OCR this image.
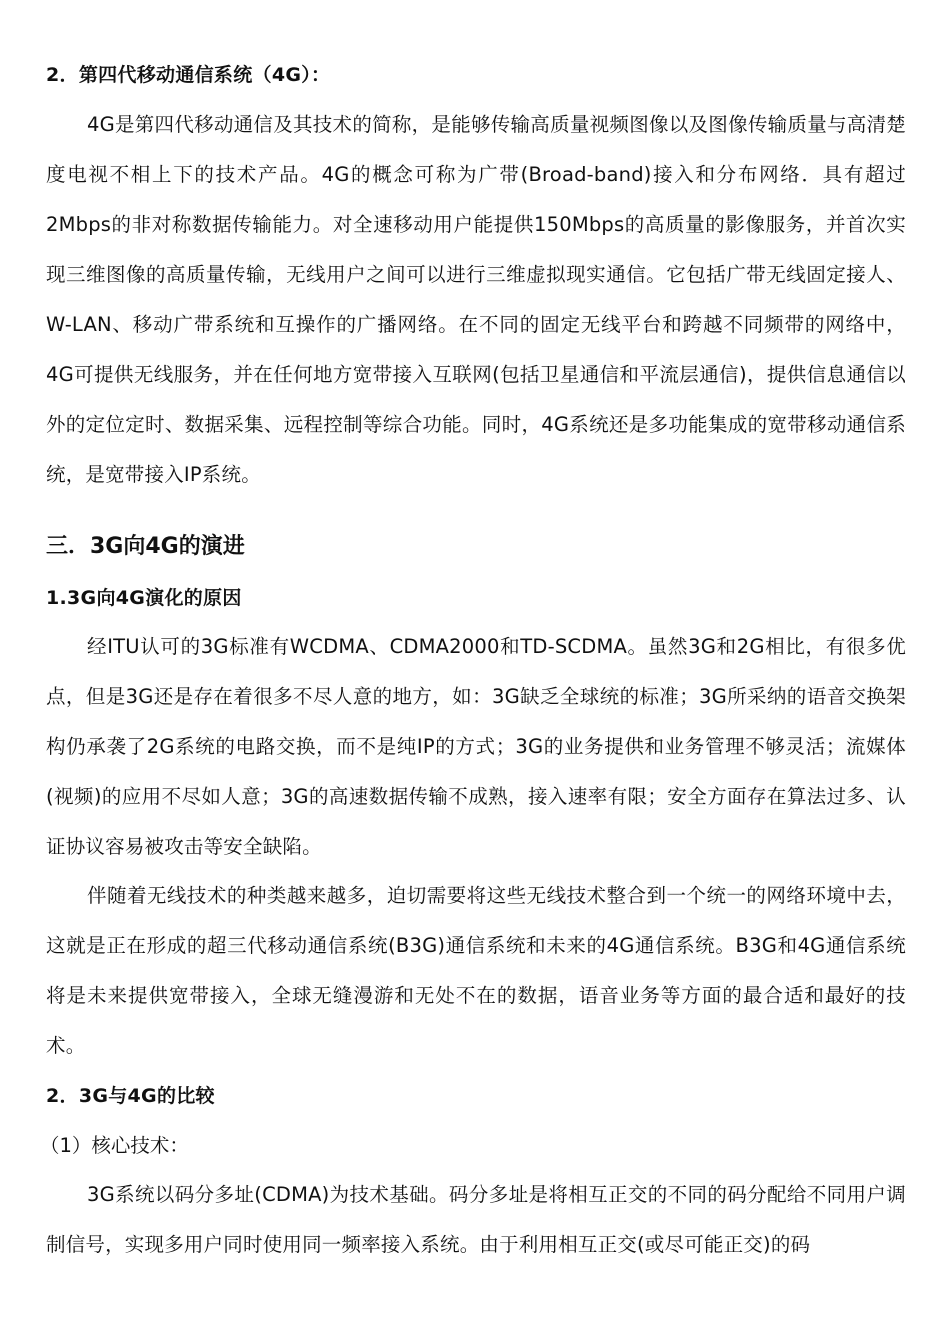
2．第四代移动通信系统（4G）：

4G是第四代移动通信及其技术的简称，是能够传输高质量视频图像以及图像传输质量与高清楚度电视不相上下的技术产品。4G的概念可称为广带(Broad-band)接入和分布网络．具有超过2Mbps的非对称数据传输能力。对全速移动用户能提供150Mbps的高质量的影像服务，并首次实现三维图像的高质量传输，无线用户之间可以进行三维虚拟现实通信。它包括广带无线固定接人、W-LAN、移动广带系统和互操作的广播网络。在不同的固定无线平台和跨越不同频带的网络中，4G可提供无线服务，并在任何地方宽带接入互联网(包括卫星通信和平流层通信)，提供信息通信以外的定位定时、数据采集、远程控制等综合功能。同时，4G系统还是多功能集成的宽带移动通信系统，是宽带接入IP系统。

三．3G向4G的演进
1.3G向4G演化的原因

经ITU认可的3G标准有WCDMA、CDMA2000和TD-SCDMA。虽然3G和2G相比，有很多优点，但是3G还是存在着很多不尽人意的地方，如：3G缺乏全球统的标准；3G所采纳的语音交换架构仍承袭了2G系统的电路交换，而不是纯IP的方式；3G的业务提供和业务管理不够灵活；流媒体(视频)的应用不尽如人意；3G的高速数据传输不成熟，接入速率有限；安全方面存在算法过多、认证协议容易被攻击等安全缺陷。

伴随着无线技术的种类越来越多，迫切需要将这些无线技术整合到一个统一的网络环境中去，这就是正在形成的超三代移动通信系统(B3G)通信系统和未来的4G通信系统。B3G和4G通信系统将是未来提供宽带接入，全球无缝漫游和无处不在的数据，语音业务等方面的最合适和最好的技术。

2．3G与4G的比较
（1）核心技术：

3G系统以码分多址(CDMA)为技术基础。码分多址是将相互正交的不同的码分配给不同用户调制信号，实现多用户同时使用同一频率接入系统。由于利用相互正交(或尽可能正交)的码
